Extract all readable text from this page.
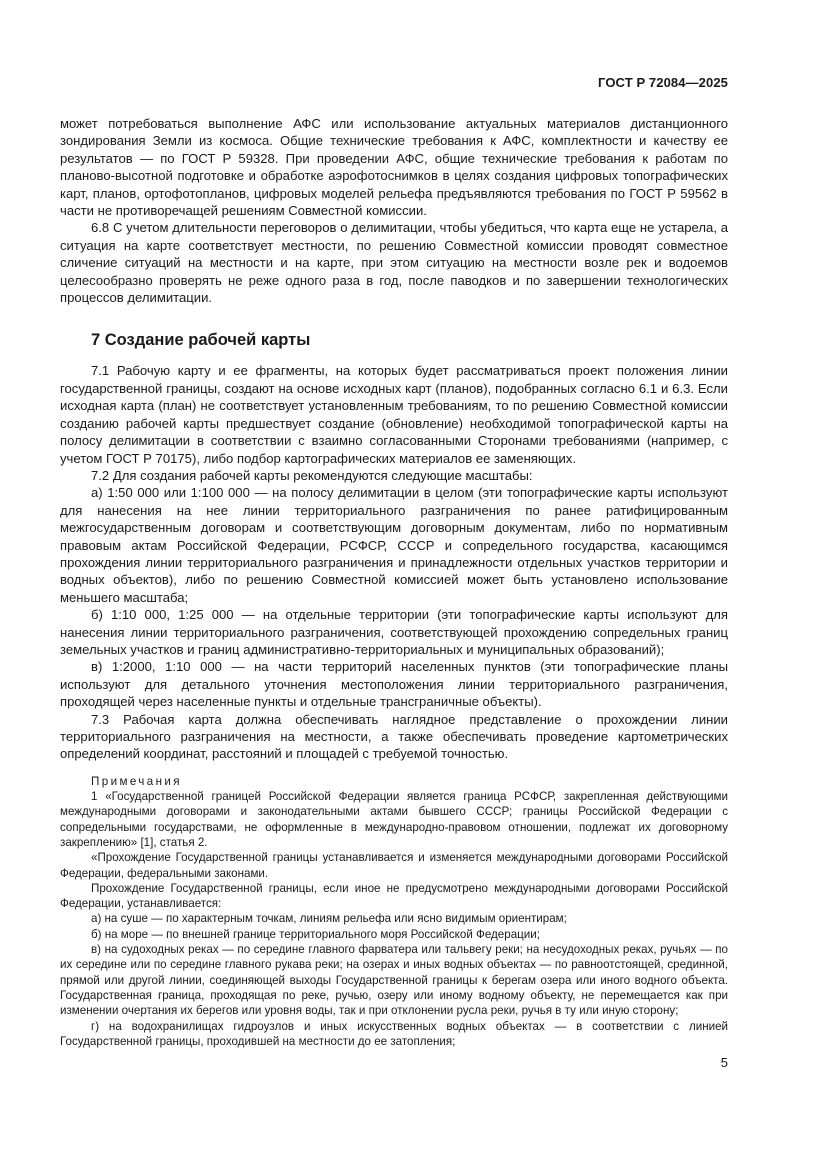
ГОСТ Р 72084—2025

может потребоваться выполнение АФС или использование актуальных материалов дистанционного зондирования Земли из космоса. Общие технические требования к АФС, комплектности и качеству ее результатов — по ГОСТ Р 59328. При проведении АФС, общие технические требования к работам по планово-высотной подготовке и обработке аэрофотоснимков в целях создания цифровых топографических карт, планов, ортофотопланов, цифровых моделей рельефа предъявляются требования по ГОСТ Р 59562 в части не противоречащей решениям Совместной комиссии.

6.8 С учетом длительности переговоров о делимитации, чтобы убедиться, что карта еще не устарела, а ситуация на карте соответствует местности, по решению Совместной комиссии проводят совместное сличение ситуаций на местности и на карте, при этом ситуацию на местности возле рек и водоемов целесообразно проверять не реже одного раза в год, после паводков и по завершении технологических процессов делимитации.

7 Создание рабочей карты

7.1 Рабочую карту и ее фрагменты, на которых будет рассматриваться проект положения линии государственной границы, создают на основе исходных карт (планов), подобранных согласно 6.1 и 6.3. Если исходная карта (план) не соответствует установленным требованиям, то по решению Совместной комиссии созданию рабочей карты предшествует создание (обновление) необходимой топографической карты на полосу делимитации в соответствии с взаимно согласованными Сторонами требованиями (например, с учетом ГОСТ Р 70175), либо подбор картографических материалов ее заменяющих.

7.2 Для создания рабочей карты рекомендуются следующие масштабы:

а) 1:50 000 или 1:100 000 — на полосу делимитации в целом (эти топографические карты используют для нанесения на нее линии территориального разграничения по ранее ратифицированным межгосударственным договорам и соответствующим договорным документам, либо по нормативным правовым актам Российской Федерации, РСФСР, СССР и сопредельного государства, касающимся прохождения линии территориального разграничения и принадлежности отдельных участков территории и водных объектов), либо по решению Совместной комиссией может быть установлено использование меньшего масштаба;

б) 1:10 000, 1:25 000 — на отдельные территории (эти топографические карты используют для нанесения линии территориального разграничения, соответствующей прохождению сопредельных границ земельных участков и границ административно-территориальных и муниципальных образований);

в) 1:2000, 1:10 000 — на части территорий населенных пунктов (эти топографические планы используют для детального уточнения местоположения линии территориального разграничения, проходящей через населенные пункты и отдельные трансграничные объекты).

7.3 Рабочая карта должна обеспечивать наглядное представление о прохождении линии территориального разграничения на местности, а также обеспечивать проведение картометрических определений координат, расстояний и площадей с требуемой точностью.

Примечания

1 «Государственной границей Российской Федерации является граница РСФСР, закрепленная действующими международными договорами и законодательными актами бывшего СССР; границы Российской Федерации с сопредельными государствами, не оформленные в международно-правовом отношении, подлежат их договорному закреплению» [1], статья 2.

«Прохождение Государственной границы устанавливается и изменяется международными договорами Российской Федерации, федеральными законами.

Прохождение Государственной границы, если иное не предусмотрено международными договорами Российской Федерации, устанавливается:

а) на суше — по характерным точкам, линиям рельефа или ясно видимым ориентирам;

б) на море — по внешней границе территориального моря Российской Федерации;

в) на судоходных реках — по середине главного фарватера или тальвегу реки; на несудоходных реках, ручьях — по их середине или по середине главного рукава реки; на озерах и иных водных объектах — по равноотстоящей, срединной, прямой или другой линии, соединяющей выходы Государственной границы к берегам озера или иного водного объекта. Государственная граница, проходящая по реке, ручью, озеру или иному водному объекту, не перемещается как при изменении очертания их берегов или уровня воды, так и при отклонении русла реки, ручья в ту или иную сторону;

г) на водохранилищах гидроузлов и иных искусственных водных объектах — в соответствии с линией Государственной границы, проходившей на местности до ее затопления;

5
